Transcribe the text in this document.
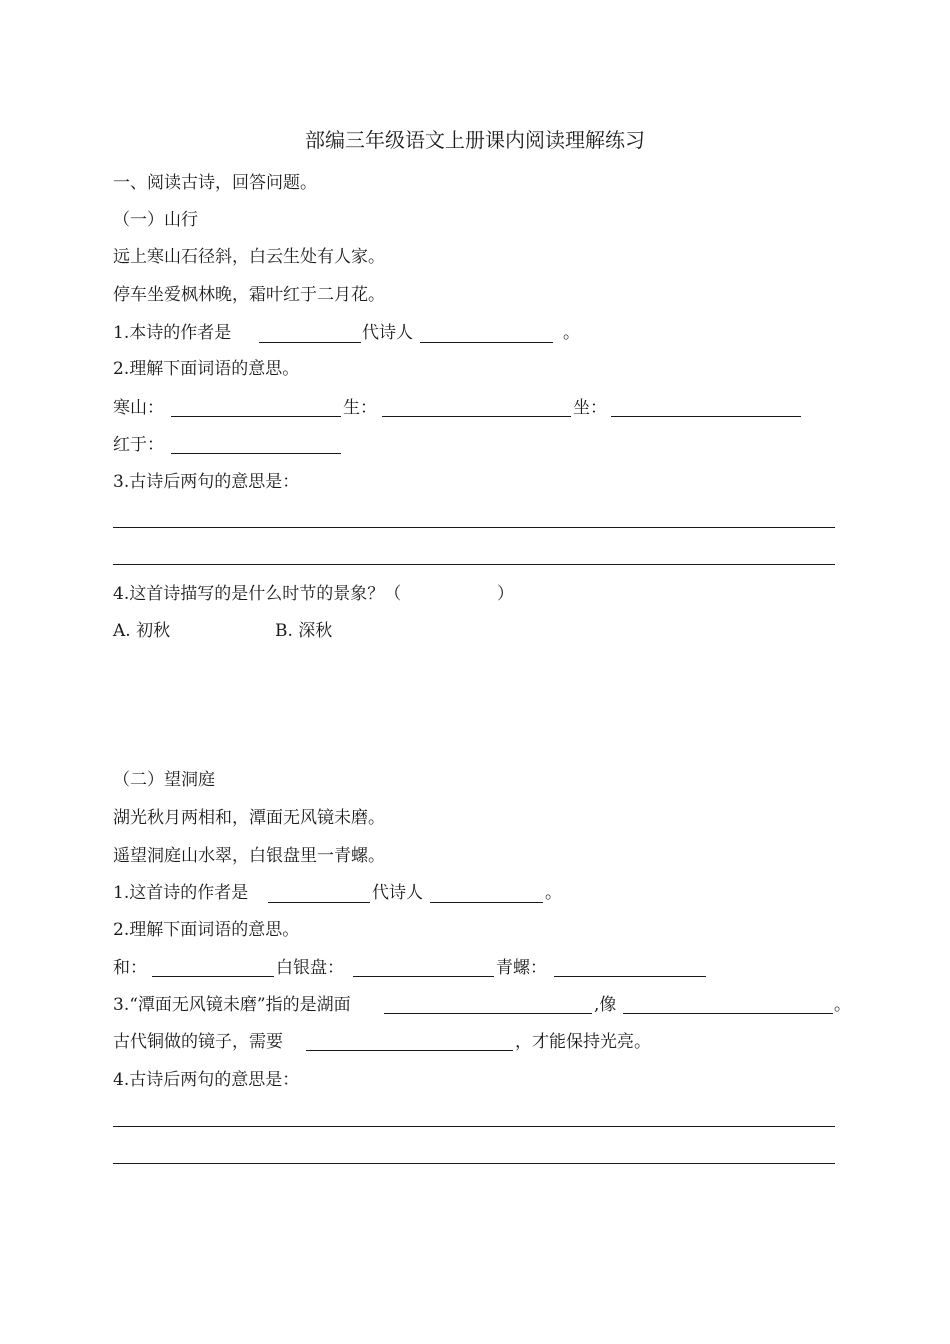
部编三年级语文上册课内阅读理解练习
一、阅读古诗，回答问题。
（一）山行
远上寒山石径斜，白云生处有人家。
停车坐爱枫林晚，霜叶红于二月花。
1.本诗的作者是	代诗人	。
2.理解下面词语的意思。
寒山：	生：	坐：
红于：
3.古诗后两句的意思是：
4.这首诗描写的是什么时节的景象？（	）
A. 初秋	B. 深秋
（二）望洞庭
湖光秋月两相和，潭面无风镜未磨。
遥望洞庭山水翠，白银盘里一青螺。
1.这首诗的作者是	代诗人	。
2.理解下面词语的意思。
和：	白银盘：	青螺：
3.“潭面无风镜未磨”指的是湖面	,像	。
古代铜做的镜子，需要	，才能保持光亮。
4.古诗后两句的意思是：
